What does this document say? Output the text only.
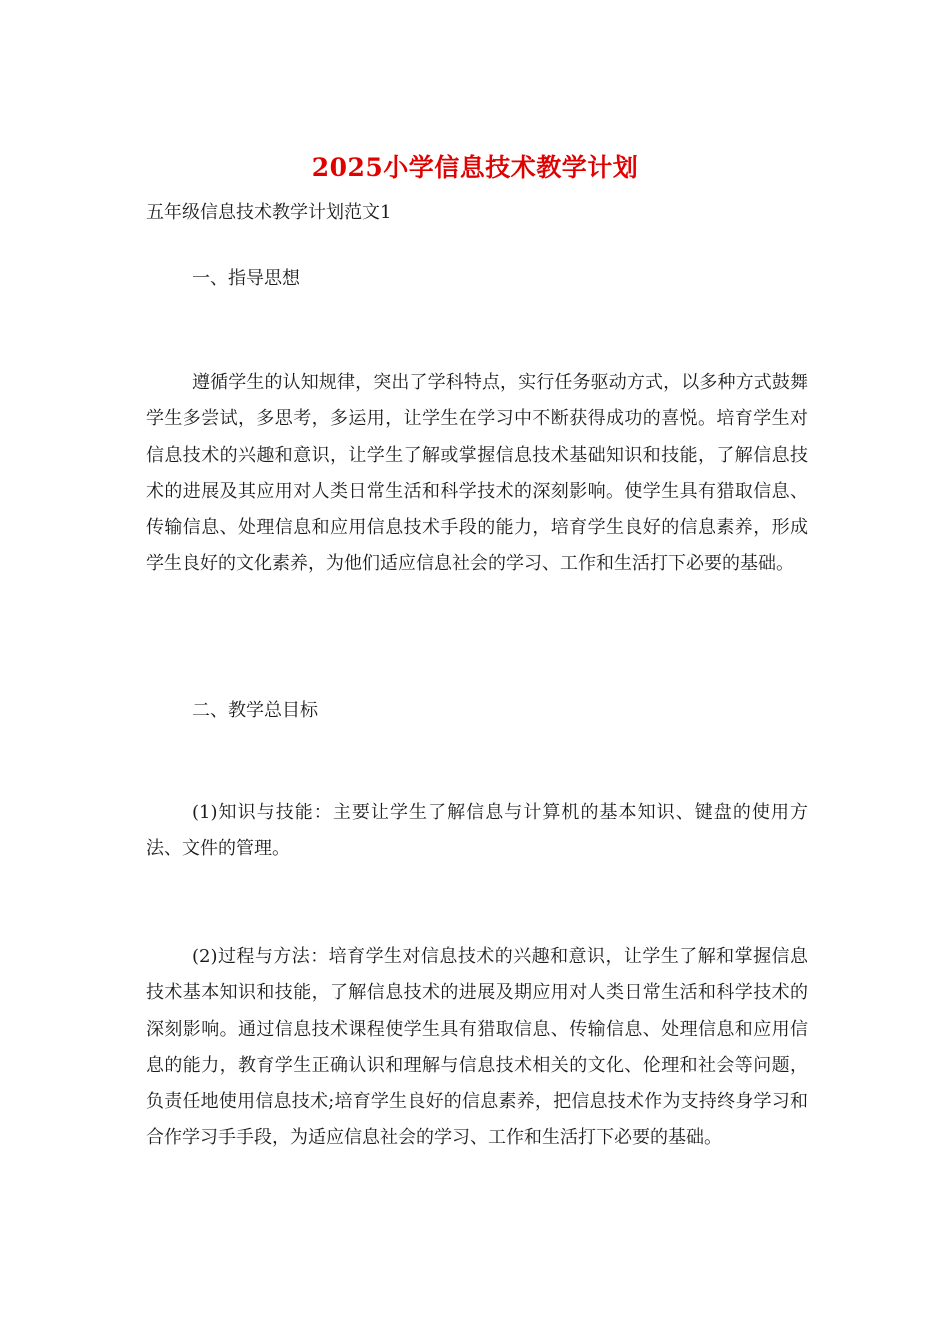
2025小学信息技术教学计划
五年级信息技术教学计划范文1
一、指导思想

遵循学生的认知规律，突出了学科特点，实行任务驱动方式，以多种方式鼓舞学生多尝试，多思考，多运用，让学生在学习中不断获得成功的喜悦。培育学生对信息技术的兴趣和意识，让学生了解或掌握信息技术基础知识和技能，了解信息技术的进展及其应用对人类日常生活和科学技术的深刻影响。使学生具有猎取信息、传输信息、处理信息和应用信息技术手段的能力，培育学生良好的信息素养，形成学生良好的文化素养，为他们适应信息社会的学习、工作和生活打下必要的基础。

二、教学总目标

(1)知识与技能：主要让学生了解信息与计算机的基本知识、键盘的使用方法、文件的管理。

(2)过程与方法：培育学生对信息技术的兴趣和意识，让学生了解和掌握信息技术基本知识和技能，了解信息技术的进展及期应用对人类日常生活和科学技术的深刻影响。通过信息技术课程使学生具有猎取信息、传输信息、处理信息和应用信息的能力，教育学生正确认识和理解与信息技术相关的文化、伦理和社会等问题，负责任地使用信息技术;培育学生良好的信息素养，把信息技术作为支持终身学习和合作学习手手段，为适应信息社会的学习、工作和生活打下必要的基础。
